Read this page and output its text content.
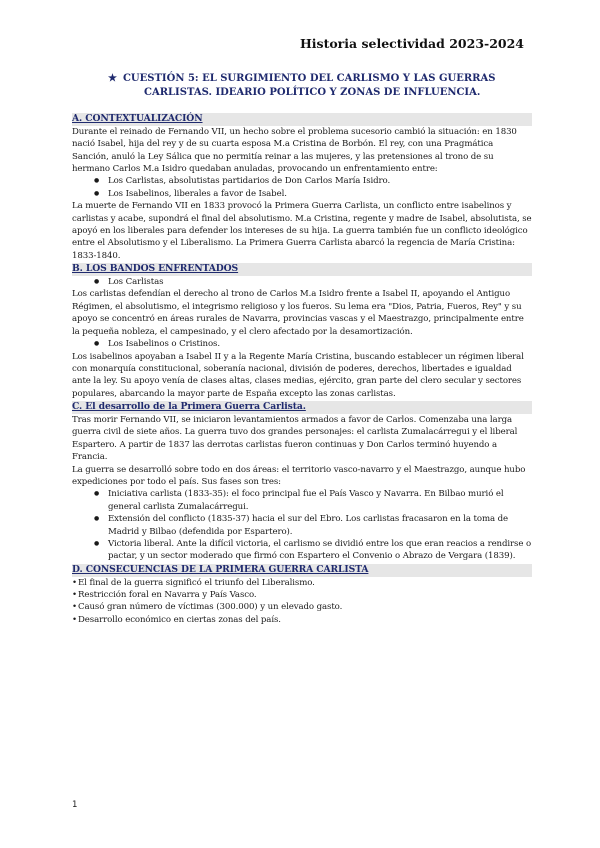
Historia selectividad 2023-2024
★ CUESTIÓN 5: EL SURGIMIENTO DEL CARLISMO Y LAS GUERRAS
CARLISTAS. IDEARIO POLÍTICO Y ZONAS DE INFLUENCIA.
A. CONTEXTUALIZACIÓN

Durante el reinado de Fernando VII, un hecho sobre el problema sucesorio cambió la situación: en 1830 nació Isabel, hija del rey y de su cuarta esposa M.a Cristina de Borbón. El rey, con una Pragmática Sanción, anuló la Ley Sálica que no permitía reinar a las mujeres, y las pretensiones al trono de su hermano Carlos M.a Isidro quedaban anuladas, provocando un enfrentamiento entre:

● Los Carlistas, absolutistas partidarios de Don Carlos María Isidro.
● Los Isabelinos, liberales a favor de Isabel.

La muerte de Fernando VII en 1833 provocó la Primera Guerra Carlista, un conflicto entre isabelinos y carlistas y acabe, supondrá el final del absolutismo. M.a Cristina, regente y madre de Isabel, absolutista, se apoyó en los liberales para defender los intereses de su hija. La guerra también fue un conflicto ideológico entre el Absolutismo y el Liberalismo. La Primera Guerra Carlista abarcó la regencia de María Cristina: 1833-1840.

B. LOS BANDOS ENFRENTADOS
● Los Carlistas

Los carlistas defendían el derecho al trono de Carlos M.a Isidro frente a Isabel II, apoyando el Antiguo Régimen, el absolutismo, el integrismo religioso y los fueros. Su lema era "Dios, Patria, Fueros, Rey" y su apoyo se concentró en áreas rurales de Navarra, provincias vascas y el Maestrazgo, principalmente entre la pequeña nobleza, el campesinado, y el clero afectado por la desamortización.

● Los Isabelinos o Cristinos.

Los isabelinos apoyaban a Isabel II y a la Regente María Cristina, buscando establecer un régimen liberal con monarquía constitucional, soberanía nacional, división de poderes, derechos, libertades e igualdad ante la ley. Su apoyo venía de clases altas, clases medias, ejército, gran parte del clero secular y sectores populares, abarcando la mayor parte de España excepto las zonas carlistas.

C. El desarrollo de la Primera Guerra Carlista.

Tras morir Fernando VII, se iniciaron levantamientos armados a favor de Carlos. Comenzaba una larga guerra civil de siete años. La guerra tuvo dos grandes personajes: el carlista Zumalacárregui y el liberal Espartero. A partir de 1837 las derrotas carlistas fueron continuas y Don Carlos terminó huyendo a Francia.

La guerra se desarrolló sobre todo en dos áreas: el territorio vasco-navarro y el Maestrazgo, aunque hubo expediciones por todo el país. Sus fases son tres:

● Iniciativa carlista (1833-35): el foco principal fue el País Vasco y Navarra. En Bilbao murió el general carlista Zumalacárregui.
● Extensión del conflicto (1835-37) hacia el sur del Ebro. Los carlistas fracasaron en la toma de Madrid y Bilbao (defendida por Espartero).
● Victoria liberal. Ante la difícil victoria, el carlismo se dividió entre los que eran reacios a rendirse o pactar, y un sector moderado que firmó con Espartero el Convenio o Abrazo de Vergara (1839).
D. CONSECUENCIAS DE LA PRIMERA GUERRA CARLISTA
• El final de la guerra significó el triunfo del Liberalismo.
• Restricción foral en Navarra y País Vasco.
• Causó gran número de víctimas (300.000) y un elevado gasto.
• Desarrollo económico en ciertas zonas del país.
1
